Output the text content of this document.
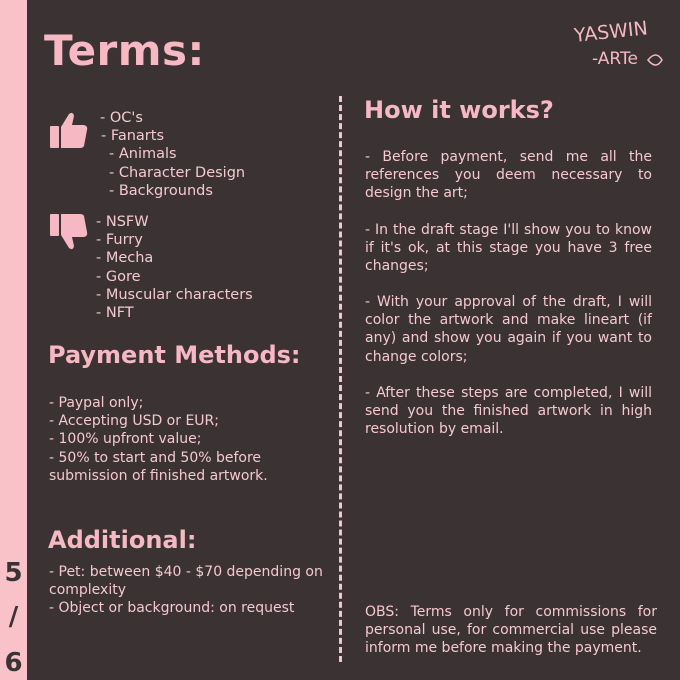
5
/
6
Terms:	YASWIN
-ARTe
- OC's
- Fanarts
- Animals
- Character Design
- Backgrounds
- NSFW
- Furry
- Mecha
- Gore
- Muscular characters
- NFT
Payment Methods:
- Paypal only;
- Accepting USD or EUR;
- 100% upfront value;
- 50% to start and 50% before
submission of finished artwork.
Additional:
- Pet: between $40 - $70 depending on
complexity
- Object or background: on request
How it works?

- Before payment, send me all the references you deem necessary to design the art;

- In the draft stage I'll show you to know if it's ok, at this stage you have 3 free changes;

- With your approval of the draft, I will color the artwork and make lineart (if any) and show you again if you want to change colors;

- After these steps are completed, I will send you the finished artwork in high resolution by email.

OBS: Terms only for commissions for personal use, for commercial use please inform me before making the payment.
